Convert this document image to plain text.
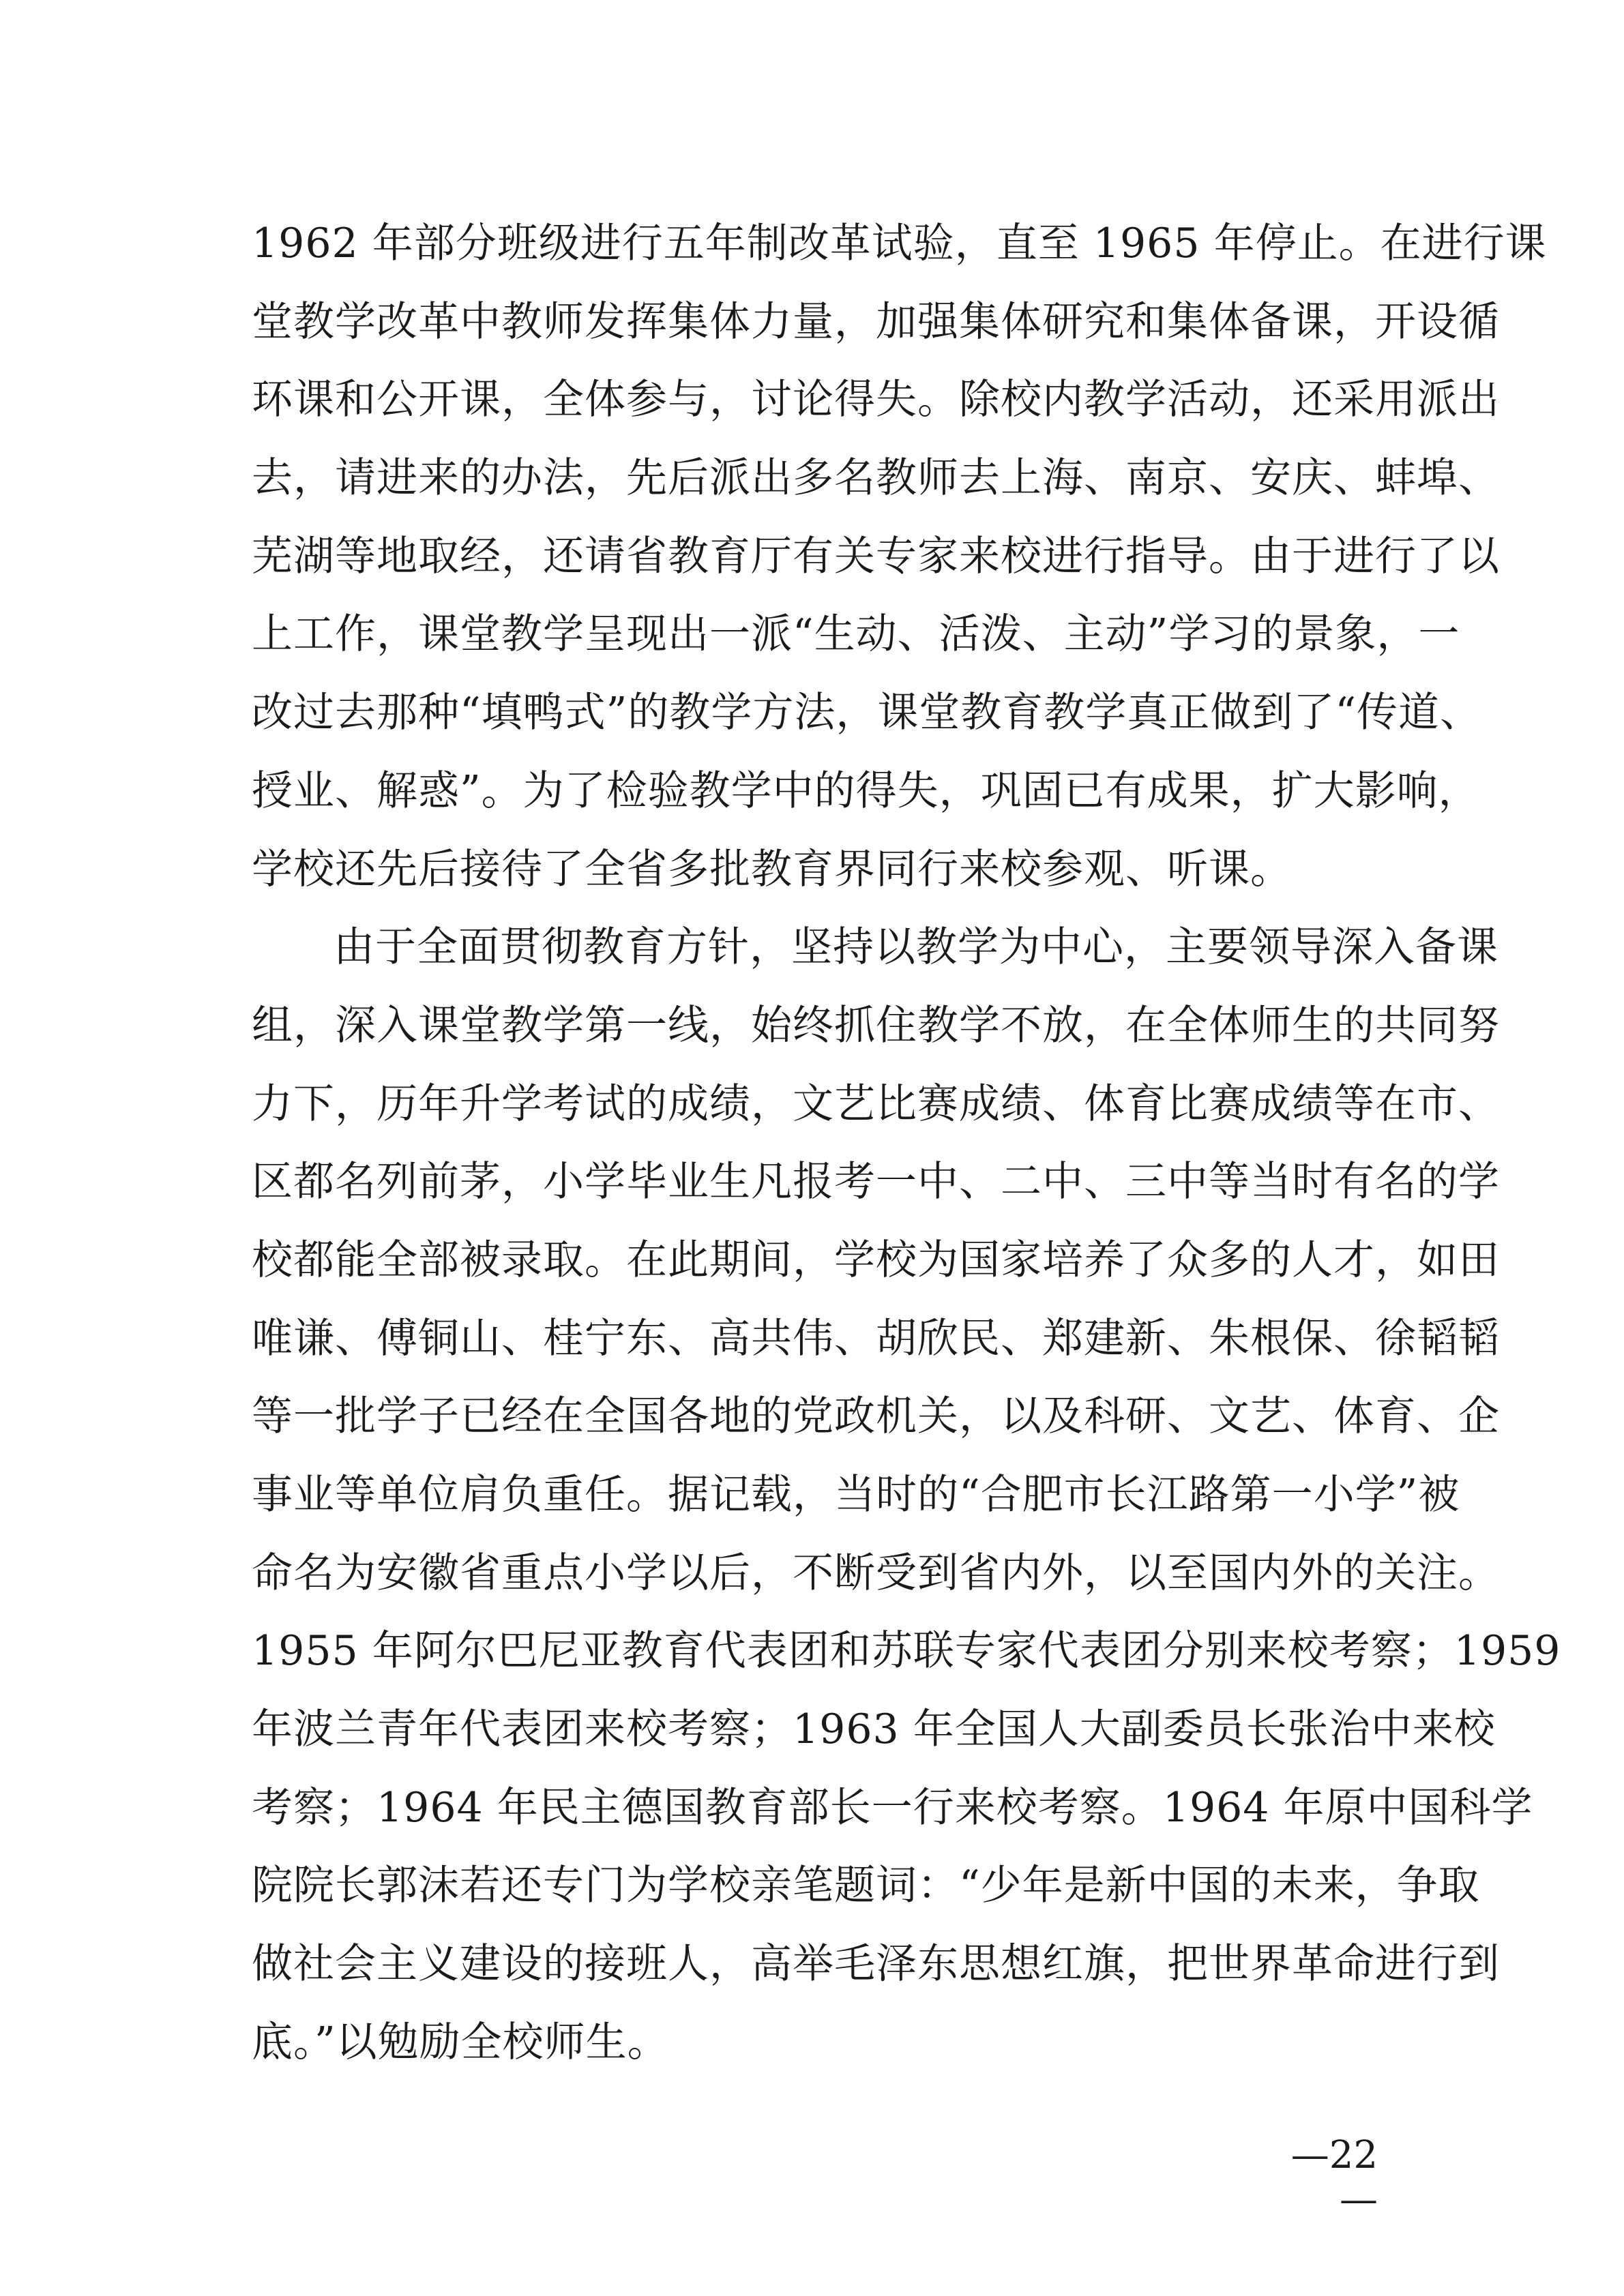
1962 年部分班级进行五年制改革试验，直至 1965 年停止。在进行课
堂教学改革中教师发挥集体力量，加强集体研究和集体备课，开设循
环课和公开课，全体参与，讨论得失。除校内教学活动，还采用派出
去，请进来的办法，先后派出多名教师去上海、南京、安庆、蚌埠、
芜湖等地取经，还请省教育厅有关专家来校进行指导。由于进行了以
上工作，课堂教学呈现出一派“生动、活泼、主动”学习的景象，一
改过去那种“填鸭式”的教学方法，课堂教育教学真正做到了“传道、
授业、解惑”。为了检验教学中的得失，巩固已有成果，扩大影响，
学校还先后接待了全省多批教育界同行来校参观、听课。
由于全面贯彻教育方针，坚持以教学为中心，主要领导深入备课
组，深入课堂教学第一线，始终抓住教学不放，在全体师生的共同努
力下，历年升学考试的成绩，文艺比赛成绩、体育比赛成绩等在市、
区都名列前茅，小学毕业生凡报考一中、二中、三中等当时有名的学
校都能全部被录取。在此期间，学校为国家培养了众多的人才，如田
唯谦、傅铜山、桂宁东、高共伟、胡欣民、郑建新、朱根保、徐韬韬
等一批学子已经在全国各地的党政机关，以及科研、文艺、体育、企
事业等单位肩负重任。据记载，当时的“合肥市长江路第一小学”被
命名为安徽省重点小学以后，不断受到省内外，以至国内外的关注。
1955 年阿尔巴尼亚教育代表团和苏联专家代表团分别来校考察；1959
年波兰青年代表团来校考察；1963 年全国人大副委员长张治中来校
考察；1964 年民主德国教育部长一行来校考察。1964 年原中国科学
院院长郭沫若还专门为学校亲笔题词：“少年是新中国的未来，争取
做社会主义建设的接班人，高举毛泽东思想红旗，把世界革命进行到
底。”以勉励全校师生。
—22—
